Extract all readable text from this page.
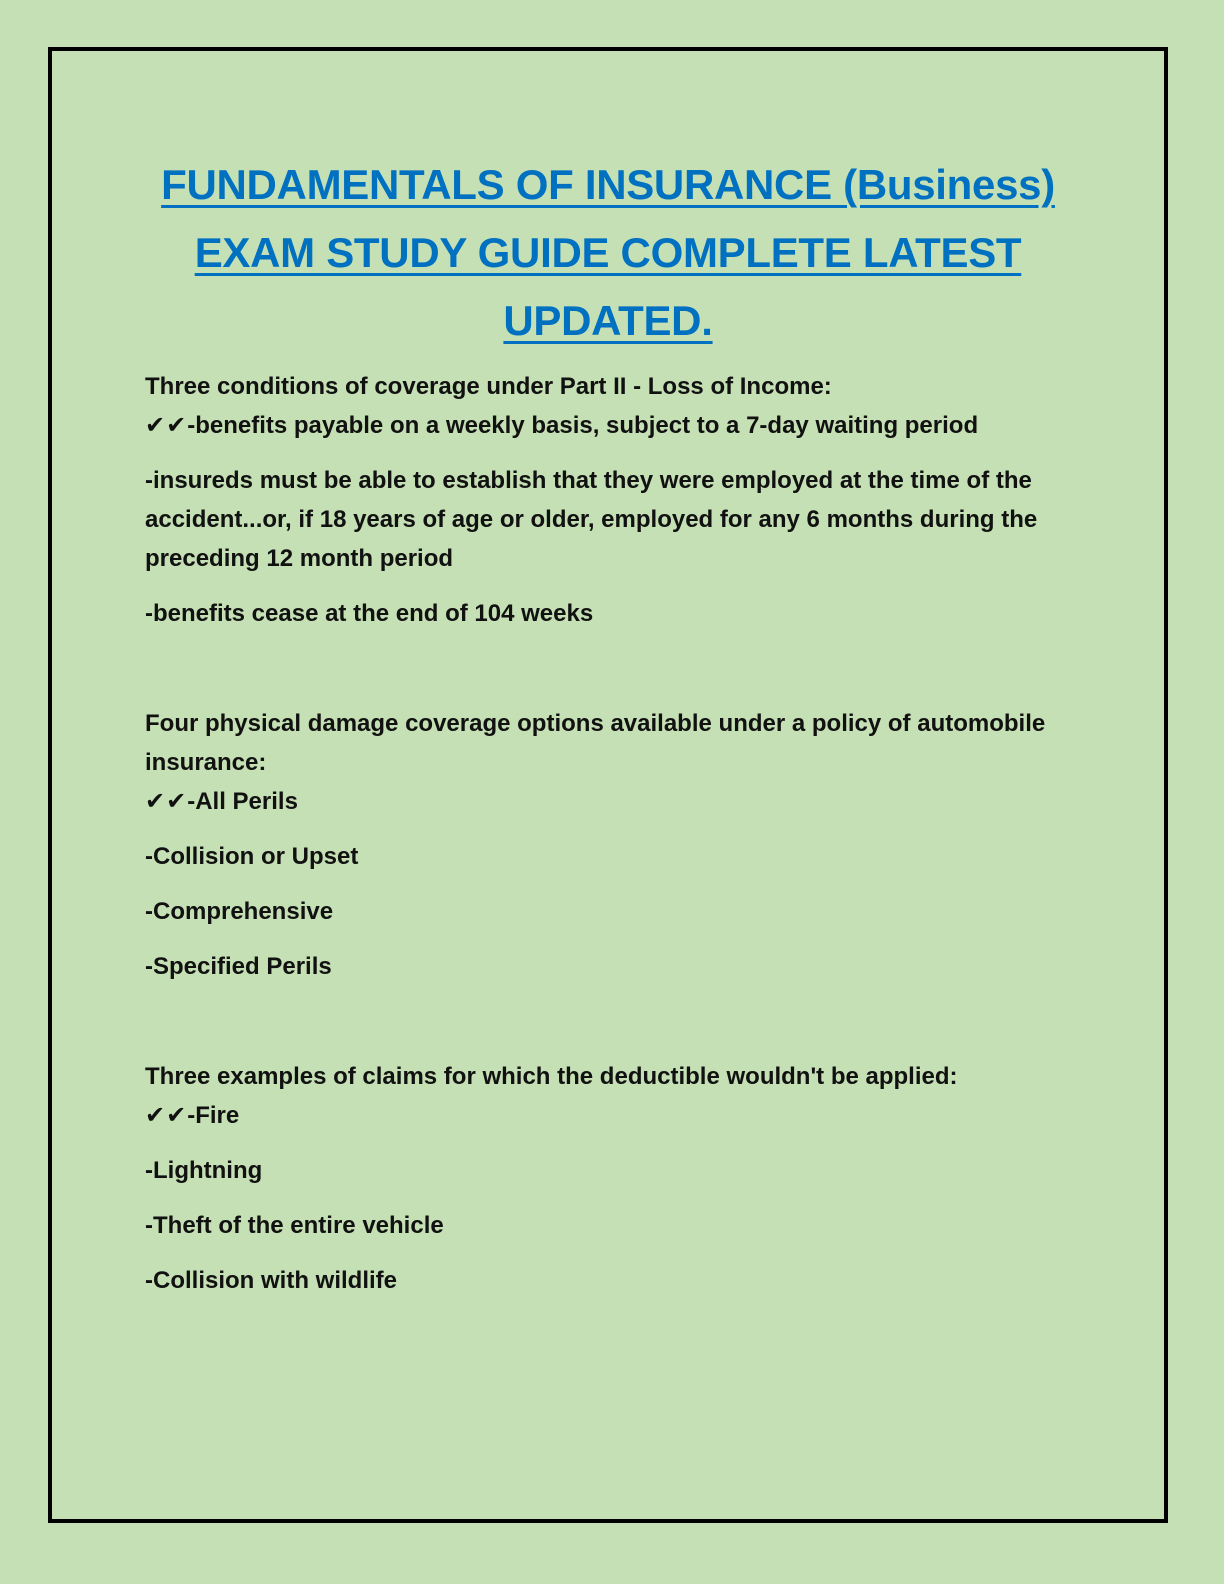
FUNDAMENTALS OF INSURANCE (Business)
EXAM STUDY GUIDE COMPLETE LATEST
UPDATED.

Three conditions of coverage under Part II - Loss of Income:

✔✔-benefits payable on a weekly basis, subject to a 7-day waiting period

-insureds must be able to establish that they were employed at the time of the accident...or, if 18 years of age or older, employed for any 6 months during the preceding 12 month period

-benefits cease at the end of 104 weeks

Four physical damage coverage options available under a policy of automobile insurance:

✔✔-All Perils

-Collision or Upset

-Comprehensive

-Specified Perils

Three examples of claims for which the deductible wouldn't be applied:

✔✔-Fire

-Lightning

-Theft of the entire vehicle

-Collision with wildlife
